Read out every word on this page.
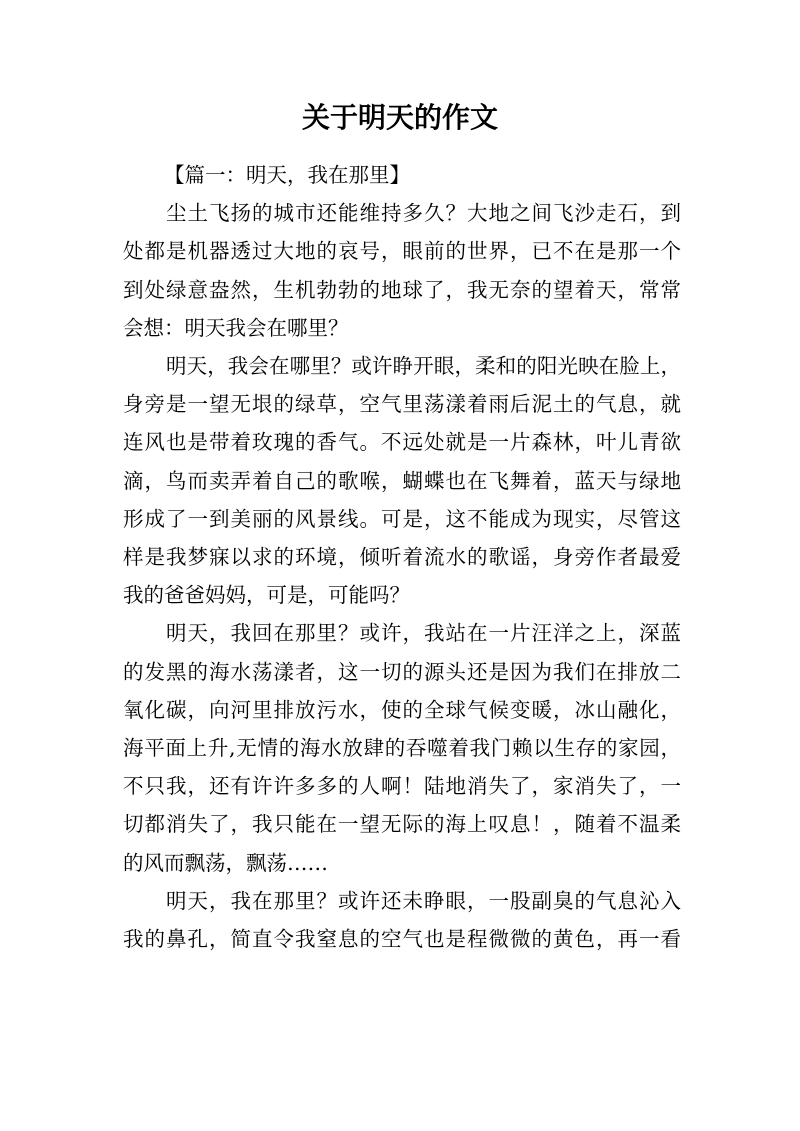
关于明天的作文
【篇一：明天，我在那里】
尘土飞扬的城市还能维持多久？大地之间飞沙走石，到
处都是机器透过大地的哀号，眼前的世界，已不在是那一个
到处绿意盎然，生机勃勃的地球了，我无奈的望着天，常常
会想：明天我会在哪里？
明天，我会在哪里？或许睁开眼，柔和的阳光映在脸上，
身旁是一望无垠的绿草，空气里荡漾着雨后泥土的气息，就
连风也是带着玫瑰的香气。不远处就是一片森林，叶儿青欲
滴，鸟而卖弄着自己的歌喉，蝴蝶也在飞舞着，蓝天与绿地
形成了一到美丽的风景线。可是，这不能成为现实，尽管这
样是我梦寐以求的环境，倾听着流水的歌谣，身旁作者最爱
我的爸爸妈妈，可是，可能吗？
明天，我回在那里？或许，我站在一片汪洋之上，深蓝
的发黑的海水荡漾者，这一切的源头还是因为我们在排放二
氧化碳，向河里排放污水，使的全球气候变暖，冰山融化，
海平面上升,无情的海水放肆的吞噬着我门赖以生存的家园，
不只我，还有许许多多的人啊！陆地消失了，家消失了，一
切都消失了，我只能在一望无际的海上叹息！，随着不温柔
的风而飘荡，飘荡……
明天，我在那里？或许还未睁眼，一股副臭的气息沁入
我的鼻孔，简直令我窒息的空气也是程微微的黄色，再一看
